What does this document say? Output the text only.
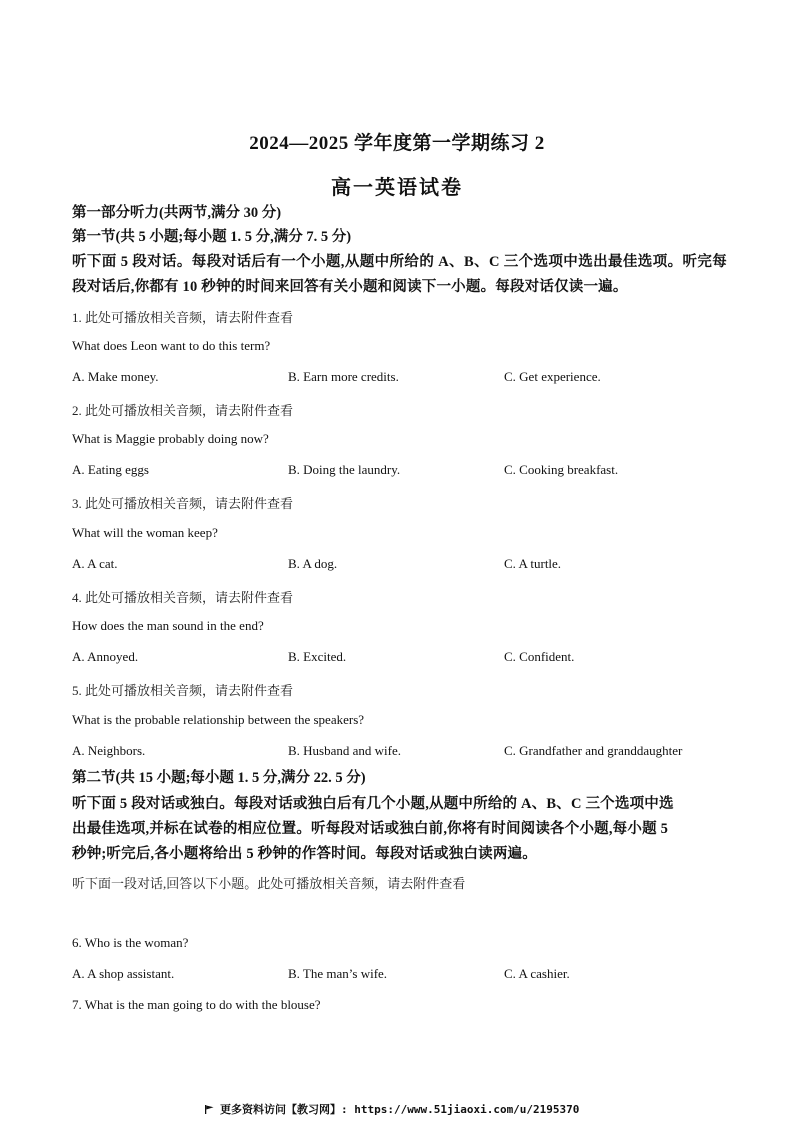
2024—2025 学年度第一学期练习 2
高一英语试卷
第一部分听力(共两节,满分 30 分)
第一节(共 5 小题;每小题 1. 5 分,满分 7. 5 分)
听下面 5 段对话。每段对话后有一个小题,从题中所给的 A、B、C 三个选项中选出最佳选项。听完每段对话后,你都有 10 秒钟的时间来回答有关小题和阅读下一小题。每段对话仅读一遍。
1. 此处可播放相关音频，请去附件查看
What does Leon want to do this term?
A. Make money.	B. Earn more credits.	C. Get experience.
2. 此处可播放相关音频，请去附件查看
What is Maggie probably doing now?
A. Eating eggs	B. Doing the laundry.	C. Cooking breakfast.
3. 此处可播放相关音频，请去附件查看
What will the woman keep?
A. A cat.	B. A dog.	C. A turtle.
4. 此处可播放相关音频，请去附件查看
How does the man sound in the end?
A. Annoyed.	B. Excited.	C. Confident.
5. 此处可播放相关音频，请去附件查看
What is the probable relationship between the speakers?
A. Neighbors.	B. Husband and wife.	C. Grandfather and granddaughter
第二节(共 15 小题;每小题 1. 5 分,满分 22. 5 分)
听下面 5 段对话或独白。每段对话或独白后有几个小题,从题中所给的 A、B、C 三个选项中选
出最佳选项,并标在试卷的相应位置。听每段对话或独白前,你将有时间阅读各个小题,每小题 5
秒钟;听完后,各小题将给出 5 秒钟的作答时间。每段对话或独白读两遍。
听下面一段对话,回答以下小题。此处可播放相关音频，请去附件查看
6. Who is the woman?
A. A shop assistant.	B. The man’s wife.	C. A cashier.
7. What is the man going to do with the blouse?
更多资料访问【教习网】: https://www.51jiaoxi.com/u/2195370
